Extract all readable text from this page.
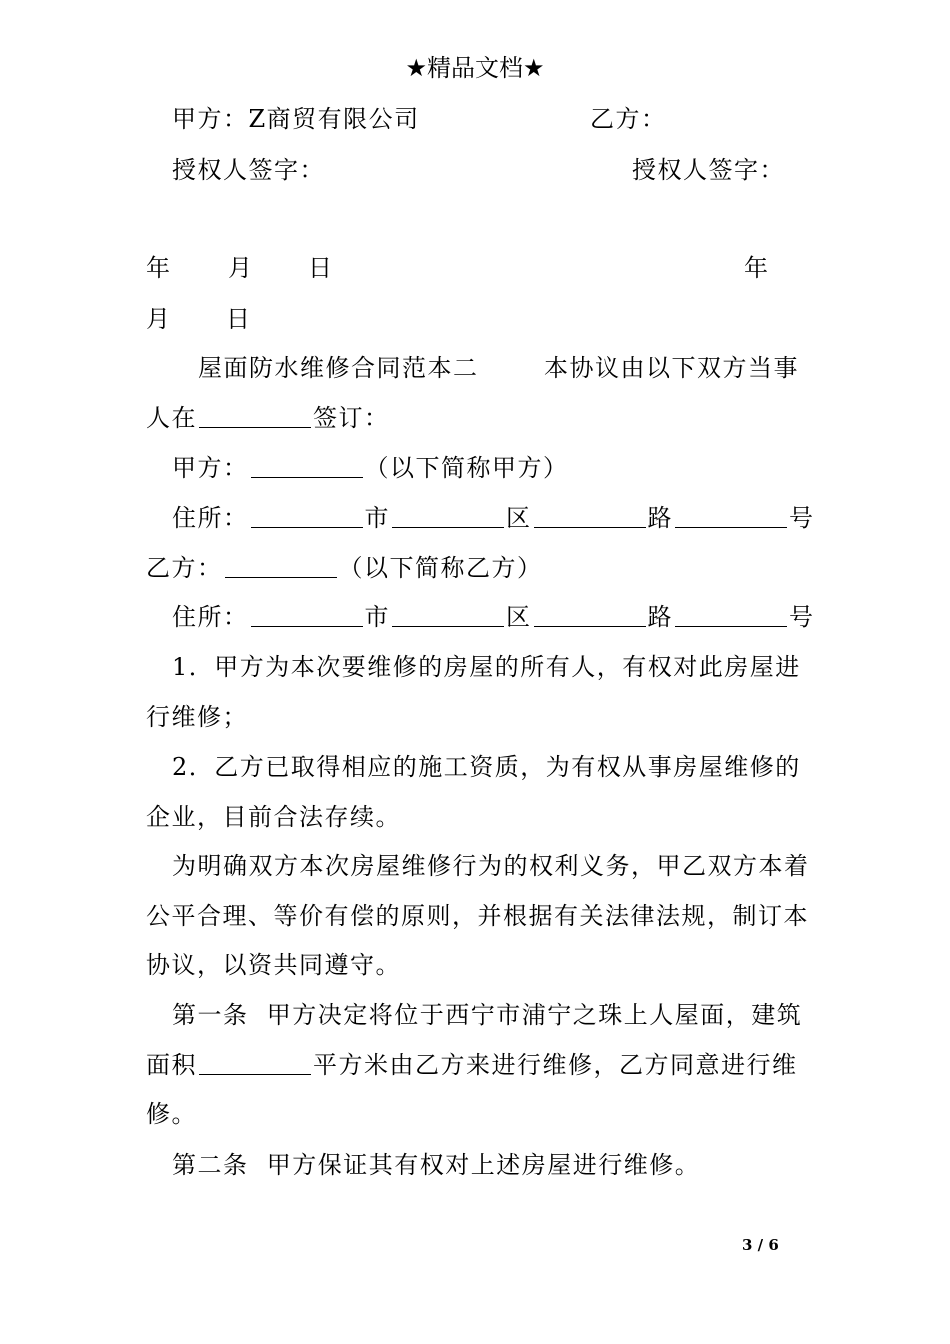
★精品文档★
甲方：Z商贸有限公司	乙方：
授权人签字：	授权人签字：
年 月 日	年
月 日
屋面防水维修合同范本二	本协议由以下双方当事
人在	签订：
甲方：	（以下简称甲方）
住所：	市	区	路	号
乙方：	（以下简称乙方）
住所：	市	区	路	号
1．甲方为本次要维修的房屋的所有人，有权对此房屋进
行维修；
2．乙方已取得相应的施工资质，为有权从事房屋维修的
企业，目前合法存续。
为明确双方本次房屋维修行为的权利义务，甲乙双方本着
公平合理、等价有偿的原则，并根据有关法律法规，制订本
协议，以资共同遵守。
第一条  甲方决定将位于西宁市浦宁之珠上人屋面，建筑
面积	平方米由乙方来进行维修，乙方同意进行维
修。
第二条  甲方保证其有权对上述房屋进行维修。
3 / 6
